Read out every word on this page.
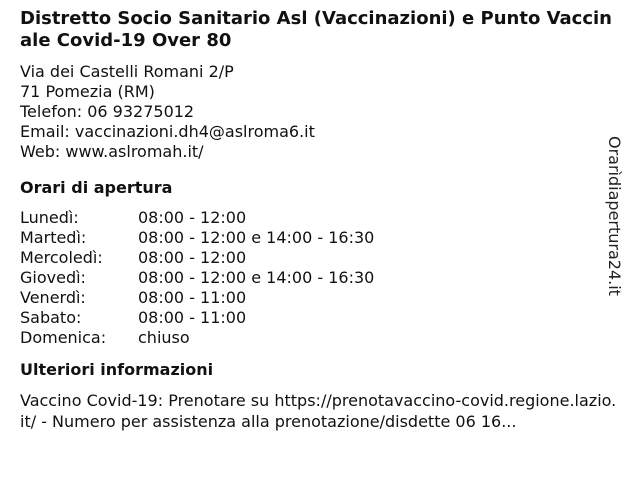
Distretto Socio Sanitario Asl (Vaccinazioni) e Punto Vaccinale Covid-19 Over 80
Via dei Castelli Romani 2/P
71 Pomezia (RM)
Telefon: 06 93275012
Email: vaccinazioni.dh4@aslroma6.it
Web: www.aslromah.it/
Orari di apertura
Lunedì:	08:00 - 12:00
Martedì:	08:00 - 12:00 e 14:00 - 16:30
Mercoledì:	08:00 - 12:00
Giovedì:	08:00 - 12:00 e 14:00 - 16:30
Venerdì:	08:00 - 11:00
Sabato:	08:00 - 11:00
Domenica:	chiuso
Ulteriori informazioni
Vaccino Covid-19: Prenotare su https://prenotavaccino-covid.regione.lazio.it/ - Numero per assistenza alla prenotazione/disdette 06 16...
Orarìdiapertura24.it
